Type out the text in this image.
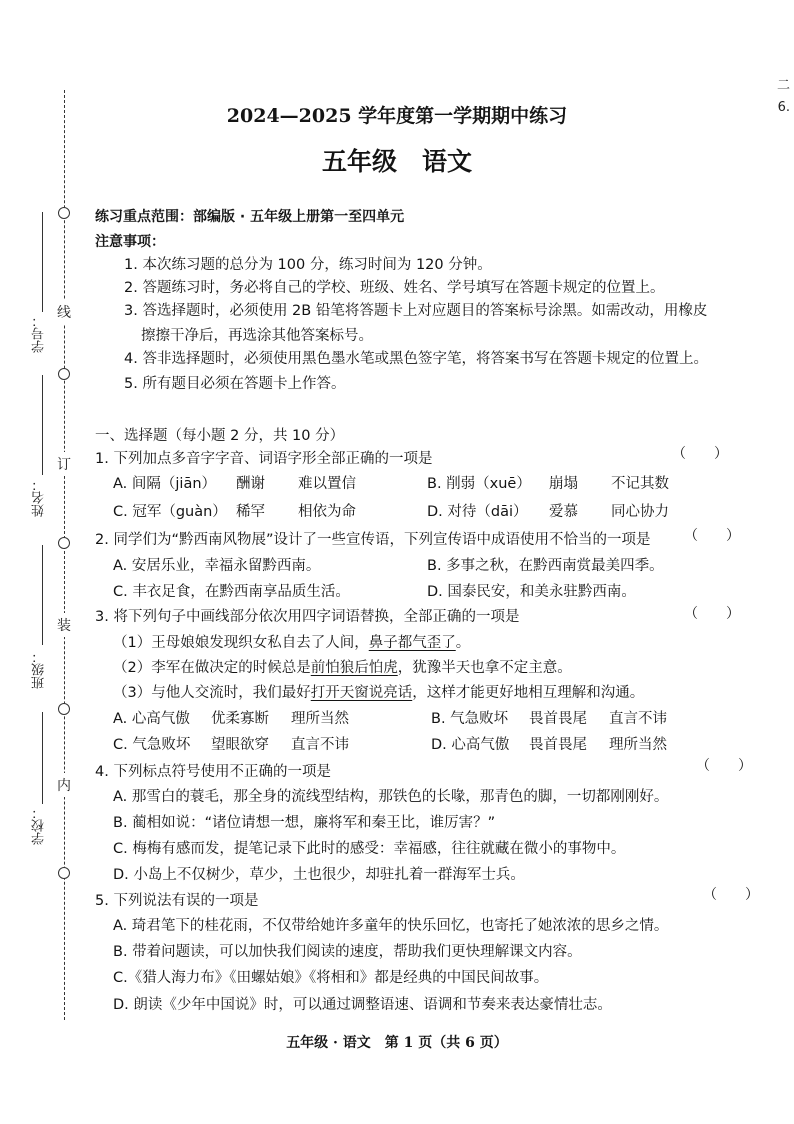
二
6.
线
订
装
内
学号：
姓名：
班级：
学校：
2024—2025 学年度第一学期期中练习
五年级　语文
练习重点范围：部编版 · 五年级上册第一至四单元
注意事项：
1. 本次练习题的总分为 100 分，练习时间为 120 分钟。
2. 答题练习时，务必将自己的学校、班级、姓名、学号填写在答题卡规定的位置上。
3. 答选择题时，必须使用 2B 铅笔将答题卡上对应题目的答案标号涂黑。如需改动，用橡皮
擦擦干净后，再选涂其他答案标号。
4. 答非选择题时，必须使用黑色墨水笔或黑色签字笔，将答案书写在答题卡规定的位置上。
5. 所有题目必须在答题卡上作答。
一、选择题（每小题 2 分，共 10 分）
1. 下列加点多音字字音、词语字形全部正确的一项是	（　　）
A. 间隔（jiān） 酬谢 难以置信	B. 削弱（xuē） 崩塌 不记其数
C. 冠军（guàn） 稀罕 相依为命	D. 对待（dāi） 爱慕 同心协力
2. 同学们为“黔西南风物展”设计了一些宣传语，下列宣传语中成语使用不恰当的一项是 （　　）
A. 安居乐业，幸福永留黔西南。	B. 多事之秋，在黔西南赏最美四季。
C. 丰衣足食，在黔西南享品质生活。	D. 国泰民安，和美永驻黔西南。
3. 将下列句子中画线部分依次用四字词语替换，全部正确的一项是	（　　）
（1）王母娘娘发现织女私自去了人间，鼻子都气歪了。
（2）李军在做决定的时候总是前怕狼后怕虎，犹豫半天也拿不定主意。
（3）与他人交流时，我们最好打开天窗说亮话，这样才能更好地相互理解和沟通。
A. 心高气傲 优柔寡断 理所当然	B. 气急败坏 畏首畏尾 直言不讳
C. 气急败坏 望眼欲穿 直言不讳	D. 心高气傲 畏首畏尾 理所当然
4. 下列标点符号使用不正确的一项是	（　　）
A. 那雪白的蓑毛，那全身的流线型结构，那铁色的长喙，那青色的脚，一切都刚刚好。
B. 蔺相如说：“诸位请想一想，廉将军和秦王比，谁厉害？”
C. 梅梅有感而发，提笔记录下此时的感受：幸福感，往往就藏在微小的事物中。
D. 小岛上不仅树少，草少，土也很少，却驻扎着一群海军士兵。
5. 下列说法有误的一项是	（　　）
A. 琦君笔下的桂花雨，不仅带给她许多童年的快乐回忆，也寄托了她浓浓的思乡之情。
B. 带着问题读，可以加快我们阅读的速度，帮助我们更快理解课文内容。
C.《猎人海力布》《田螺姑娘》《将相和》都是经典的中国民间故事。
D. 朗读《少年中国说》时，可以通过调整语速、语调和节奏来表达豪情壮志。
五年级 · 语文　第 1 页（共 6 页）
